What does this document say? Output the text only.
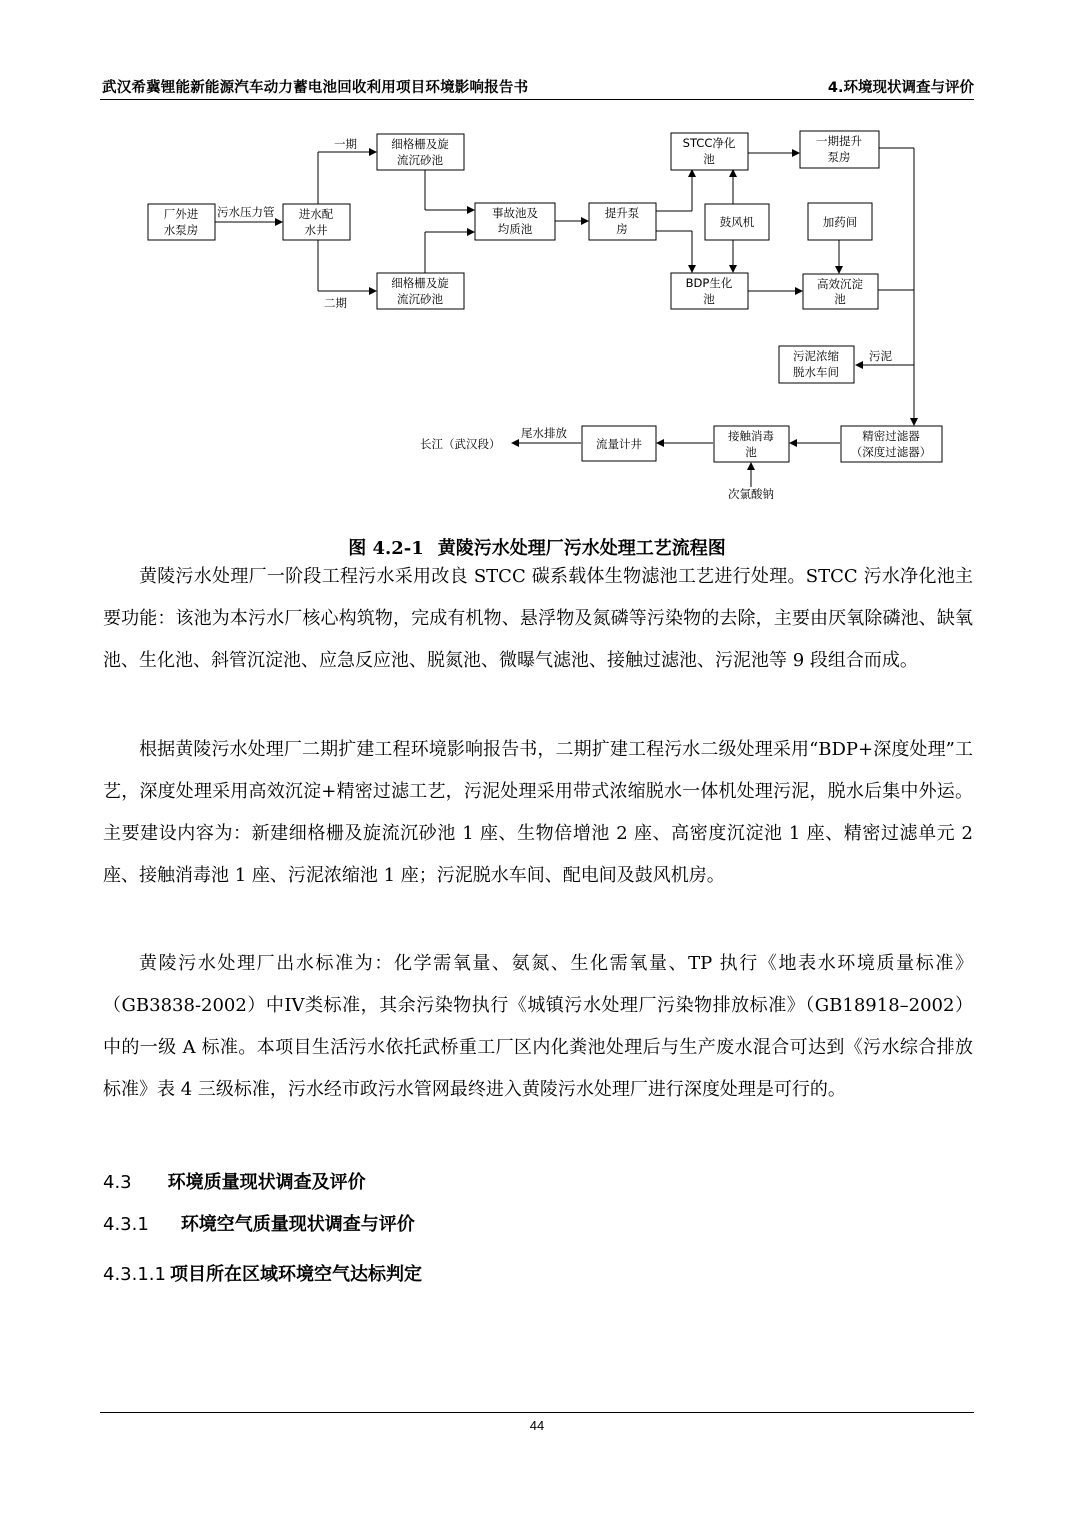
武汉希冀锂能新能源汽车动力蓄电池回收利用项目环境影响报告书	4.环境现状调查与评价
厂外进
水泵房
进水配
水井
细格栅及旋
流沉砂池
细格栅及旋
流沉砂池
事故池及
均质池
提升泵
房
STCC净化
池
鼓风机
BDP生化
池
一期提升
泵房
加药间
高效沉淀
池
污泥浓缩
脱水车间
精密过滤器
（深度过滤器）
接触消毒
池
流量计井
污水压力管
一期
二期
污泥
次氯酸钠
尾水排放
长江（武汉段）
图 4.2-1 黄陵污水处理厂污水处理工艺流程图

黄陵污水处理厂一阶段工程污水采用改良 STCC 碳系载体生物滤池工艺进行处理。STCC 污水净化池主要功能：该池为本污水厂核心构筑物，完成有机物、悬浮物及氮磷等污染物的去除，主要由厌氧除磷池、缺氧池、生化池、斜管沉淀池、应急反应池、脱氮池、微曝气滤池、接触过滤池、污泥池等 9 段组合而成。

根据黄陵污水处理厂二期扩建工程环境影响报告书，二期扩建工程污水二级处理采用“BDP+深度处理”工艺，深度处理采用高效沉淀+精密过滤工艺，污泥处理采用带式浓缩脱水一体机处理污泥，脱水后集中外运。主要建设内容为：新建细格栅及旋流沉砂池 1 座、生物倍增池 2 座、高密度沉淀池 1 座、精密过滤单元 2 座、接触消毒池 1 座、污泥浓缩池 1 座；污泥脱水车间、配电间及鼓风机房。

黄陵污水处理厂出水标准为：化学需氧量、氨氮、生化需氧量、TP 执行《地表水环境质量标准》（GB3838-2002）中IV类标准，其余污染物执行《城镇污水处理厂污染物排放标准》（GB18918–2002）中的一级 A 标准。本项目生活污水依托武桥重工厂区内化粪池处理后与生产废水混合可达到《污水综合排放标准》表 4 三级标准，污水经市政污水管网最终进入黄陵污水处理厂进行深度处理是可行的。

4.3 环境质量现状调查及评价
4.3.1 环境空气质量现状调查与评价
4.3.1.1 项目所在区域环境空气达标判定
44
